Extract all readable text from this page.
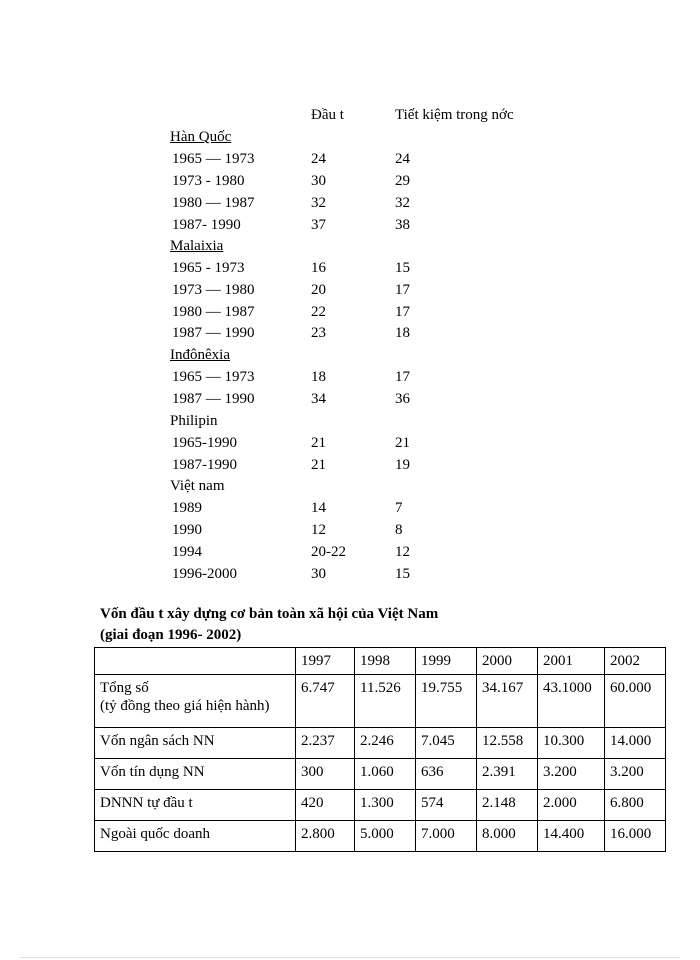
Đầu t	Tiết kiệm trong nớc
Hàn Quốc
1965 — 1973	24	24
1973 - 1980	30	29
1980 — 1987	32	32
1987- 1990	37	38
Malaixia
1965 - 1973	16	15
1973 — 1980	20	17
1980 — 1987	22	17
1987 — 1990	23	18
Inđônêxia
1965 — 1973	18	17
1987 — 1990	34	36
Philipin
1965-1990	21	21
1987-1990	21	19
Việt nam
1989	14	7
1990	12	8
1994	20-22	12
1996-2000	30	15
Vốn đầu t xây dựng cơ bản toàn xã hội của Việt Nam
(giai đoạn 1996- 2002)
	1997	1998	1999	2000	2001	2002

Tổng số
(tỷ đồng theo giá hiện hành)	6.747	11.526	19.755	34.167	43.1000	60.000
Vốn ngân sách NN	2.237	2.246	7.045	12.558	10.300	14.000
Vốn tín dụng NN	300	1.060	636	2.391	3.200	3.200
DNNN tự đầu t	420	1.300	574	2.148	2.000	6.800
Ngoài quốc doanh	2.800	5.000	7.000	8.000	14.400	16.000
